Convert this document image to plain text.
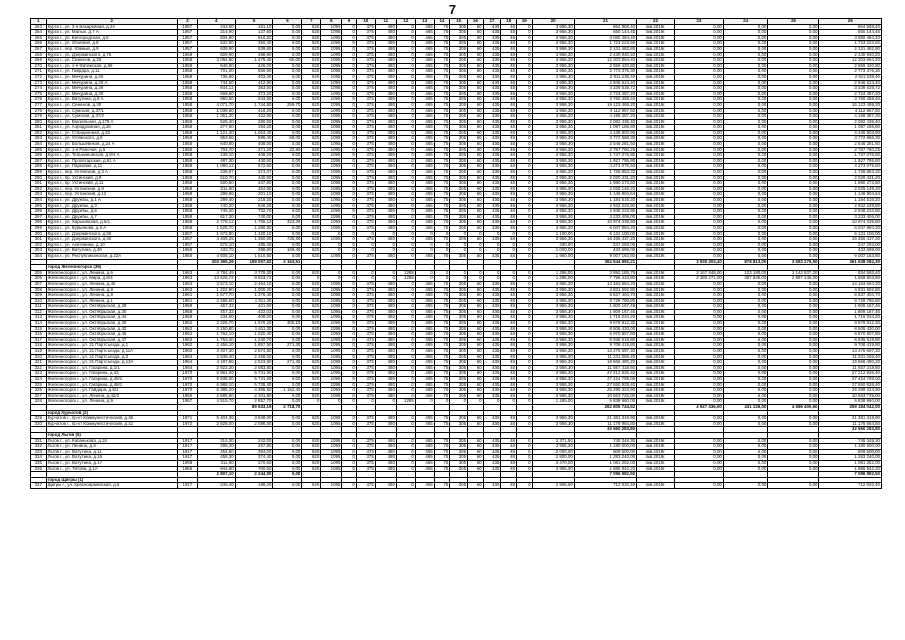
7
1	2	3	4	5	6	7	8	9	10	11	12	13	14	15	16	17	18	19	20	21	22	23	24	25	26
263	Курск г., ул. 3-я Бакарейная, д.24	1957	243,90	161,10	0,00	620	1095	0	375	480	0	465	75	305	60	435	48	0	3 956,30	864 968,40	4кв.2019г.	0,00	0,00	0,00	864 968,40
264	Курск г., ул. Малых, д.7 А	1957	214,90	137,60	0,00	620	1095	0	375	480	0	465	75	305	60	435	48	0	3 956,30	650 144,45	4кв.2019г.	0,00	0,00	0,00	650 144,45
265	Курск г., ул. Белгородская, д.8	1957	834,80	610,20	0,00	620	1095	0	375	480	0	465	75	305	60	435	48	0	3 956,30	3 080 484,40	4кв.2019г.	0,00	0,00	0,00	3 080 484,40
266	Курск г., ул. Обойная, д.8	1957	532,80	350,40	0,00	620	1095	0	375	480	0	465	75	305	60	435	48	0	3 956,30	1 723 223,60	4кв.2019г.	0,00	0,00	0,00	1 723 223,60
267	Курск г., пер. Южный, д.9	1957	639,90	539,60	0,00	620	1095	0	375	480	0	465	75	305	60	435	48	0	3 956,30	2 131 482,80	4кв.2019г.	0,00	0,00	0,00	2 131 482,80
268	Курск г., ул. Дзержинского, д.75	1958	609,90	488,90	0,00	620	1095	0	375	480	0	465	75	305	60	435	48	0	3 956,30	2 430 940,20	4кв.2019г.	0,00	0,00	0,00	2 430 940,20
269	Курск г., ул. Семенов, д.26	1958	3 084,80	1 475,40	60,00	620	1095	0	375	480	0	465	75	305	60	435	48	0	3 956,30	12 203 864,40	4кв.2019г.	0,00	0,00	0,00	12 203 864,40
270	Курск г., ул. 1-я Фатежская, д.96	1958	646,90	426,00	0,00	620	1095	0	375	480	0	465	75	305	60	435	48	0	3 956,30	2 559 420,80	4кв.2019г.	0,00	0,00	0,00	2 559 420,80
271	Курск г., ул. Гайдара, д.11	1958	701,00	566,90	0,00	620	1095	0	375	480	0	465	75	305	60	435	48	0	3 956,30	2 773 376,30	4кв.2019г.	0,00	0,00	0,00	2 773 376,30
272	Курск г., ул. Мичурина, д.20	1958	735,80	403,30	0,00	620	1095	0	375	480	0	465	75	305	60	435	48	0	3 956,30	2 911 238,40	4кв.2019г.	0,00	0,00	0,00	2 911 238,40
273	Курск г., ул. Мичурина, д.20 А	1958	744,80	412,90	0,00	620	1095	0	375	480	0	465	75	305	60	435	48	0	3 956,30	2 946 624,40	4кв.2019г.	0,00	0,00	0,00	2 946 624,40
274	Курск г., ул. Мичурина, д.26	1958	844,12	383,50	0,00	620	1095	0	375	480	0	465	75	305	60	435	48	0	3 956,30	3 339 538,72	4кв.2019г.	0,00	0,00	0,00	3 339 538,72
275	Курск г., ул. Мичурина, д.30	1958	668,80	373,20	0,00	620	1095	0	375	480	0	465	75	305	60	435	48	0	3 956,30	2 724 487,20	4кв.2019г.	0,00	0,00	0,00	2 724 487,20
276	Курск г., ул. Ватутина, д.8 А	1958	950,60	543,90	0,00	620	1095	0	375	480	0	465	75	305	60	435	48	0	3 956,30	3 760 458,40	4кв.2019г.	0,00	0,00	0,00	3 760 458,40
277	Курск г., ул. Семенов, д.30	1958	4 071,70	1 744,50	259,70	620	1095	0	375	480	0	465	75	305	60	435	48	0	3 956,30	16 123 469,20	4кв.2019г.	0,00	0,00	0,00	16 123 469,20
278	Курск г., ул. Сумская, д.37/1	1958	1 039,60	416,20	0,00	620	1095	0	375	480	0	465	75	305	60	435	48	0	3 956,30	4 112 957,60	4кв.2019г.	0,00	0,00	0,00	4 112 957,60
279	Курск г., ул. Сумская, д.37/2	1958	1 061,20	422,90	0,00	620	1095	0	375	480	0	465	75	305	60	435	48	0	3 956,30	4 198 387,20	4кв.2019г.	0,00	0,00	0,00	4 198 387,20
280	Курск г., ул. Вокзальная, д.179 А	1958	526,40	280,60	0,00	620	1095	0	375	480	0	465	75	305	60	435	48	0	3 956,30	2 082 436,40	4кв.2019г.	0,00	0,00	0,00	2 082 436,40
281	Курск г., ул. Аэродромная, д.28	1958	277,60	194,20	0,00	620	1095	0	375	480	0	465	75	305	60	435	48	0	3 956,30	1 097 186,80	4кв.2019г.	0,00	0,00	0,00	1 097 186,80
282	Курск г., ул. Станционная, д.32	1958	1 121,30	1 063,40	0,00	620	1095	0	375	480	0	465	75	305	60	435	48	0	3 956,30	4 435 903,90	4кв.2019г.	0,00	0,00	0,00	4 435 903,90
283	Курск г., ул. Углянского, д.9	1958	953,60	586,40	58,00	620	1095	0	375	480	0	465	75	305	60	435	48	0	3 956,30	3 772 568,30	4кв.2019г.	0,00	0,00	0,00	3 772 568,30
284	Курск г., ул. Большевиков, д.24 А	1956	640,80	408,00	0,00	620	1095	0	375	480	0	465	75	305	60	435	48	0	3 956,30	2 546 281,60	4кв.2019г.	0,00	0,00	0,00	2 546 281,60
285	Курск г., ул. 1-я Рабочая, д.5	1956	704,70	271,20	22,80	620	1095	0	375	480	0	465	75	305	60	435	48	0	3 956,30	2 787 760,25	4кв.2019г.	0,00	0,00	0,00	2 787 760,25
286	Курск г., ул. Тельмановская, д.8/4 А	1958	439,10	409,20	0,00	620	1095	0	375	480	0	465	75	305	60	435	48	0	3 956,30	1 737 076,80	4кв.2019г.	0,00	0,00	0,00	1 737 076,80
287	Курск г., ул. Пролетарская, д.61 А	1958	487,30	430,50	0,00	620	1095	0	375	480	0	465	75	305	60	435	48	0	3 956,30	1 927 795,80	4кв.2019г.	0,00	0,00	0,00	1 927 795,80
288	Курск г., ул. Парковая, д.11	1958	1 080,12	572,60	0,00	620	1095	0	375	480	0	465	75	305	60	435	48	0	3 956,30	4 273 075,60	4кв.2019г.	0,00	0,00	0,00	4 273 075,60
289	Курск г., пер. Ухтинский, д.3 А	1958	436,97	373,37	0,00	620	1095	0	375	480	0	465	75	305	60	435	48	0	3 956,30	1 728 853,32	4кв.2019г.	0,00	0,00	0,00	1 728 853,32
290	Курск г., пр. Ухтинский, д.9	1958	510,70	440,90	0,00	620	1095	0	375	480	0	465	75	305	60	435	48	0	3 956,30	2 020 431,20	4кв.2019г.	0,00	0,00	0,00	2 020 431,20
291	Курск г., пр. Ухтинский, д.11	1958	500,80	447,80	0,00	620	1095	0	375	480	0	465	75	305	60	435	48	0	3 956,30	1 980 273,60	4кв.2019г.	0,00	0,00	0,00	1 980 273,60
292	Курск г., пер. Ухтинский, д.9	1958	511,90	454,90	0,00	620	1095	0	375	480	0	465	75	305	60	435	48	0	3 956,30	2 025 149,20	4кв.2019г.	0,00	0,00	0,00	2 025 149,20
293	Курск г., пер. Ухтинский, д.12	1958	289,90	201,10	0,00	620	1095	0	375	480	0	465	75	305	60	435	48	0	3 956,30	1 146 904,64	4кв.2019г.	0,00	0,00	0,00	1 146 904,64
294	Курск г., ул. Дружбы, д.1 А	1958	299,40	219,20	0,00	620	1095	0	375	480	0	465	75	305	60	435	48	0	3 956,30	1 184 516,20	4кв.2019г.	0,00	0,00	0,00	1 184 516,20
295	Курск г., ул. Дружбы, д.3	1958	740,20	640,30	0,00	620	1095	0	375	480	0	465	75	305	60	435	48	0	3 956,30	2 932 229,80	4кв.2019г.	0,00	0,00	0,00	2 932 229,80
296	Курск г., ул. Дружбы, д.5	1958	745,20	732,70	0,00	620	1095	0	375	480	0	465	75	305	60	435	48	0	3 956,30	2 948 233,80	4кв.2019г.	0,00	0,00	0,00	2 948 233,80
297	Курск г., ул. Дружбы, д.7	1958	817,30	740,00	0,00	620	1095	0	375	480	0	465	75	305	60	435	48	0	3 956,30	3 233 406,00	4кв.2019г.	0,00	0,00	0,00	3 233 406,00
298	Курск г., ул. Харьковская, д.5/1	1958	2 778,12	1 765,13	323,28	620	1095	0	375	480	0	465	75	305	60	435	48	0	3 956,30	10 974 339,80	4кв.2019г.	0,00	0,00	0,00	10 974 339,80
299	Курск г., ул. Курьинова, д.9 А	1958	1 528,70	1 280,50	0,00	620	1095	0	375	480	0	465	75	305	60	435	48	0	3 956,30	6 047 994,20	4кв.2019г.	0,00	0,00	0,00	6 047 994,20
300	Курск г., ул. Дзержинского, д.59	1957	1 673,80	1 420,10	0,00	620	0	0	0	0	0	0	0	0	0	0	0	0	1 100,00	6 131 100,00	4кв.2019г.	0,00	0,00	0,00	6 131 100,00
301	Курск г., ул. Дзержинского, д.40	1957	4 409,25	1 350,00	736,80	620	1095	0	375	480	0	465	75	305	60	435	48	0	3 956,30	16 456 437,20	4кв.2019г.	0,00	0,00	0,00	16 456 437,20
302	Курск г., ул. Ахитанина, д.10	1957	575,10	485,40	0,00	620	0	0	0	0	0	0	0	0	0	0	0	0	430,00	247 293,00	4кв.2019г.	0,00	0,00	0,00	247 293,00
303	Курск г., ул. Ватутина, д.30	1956	433,70	298,60	169,40	620	0	0	0	0	0	0	0	0	0	0	0	0	1 000,00	433 699,00	4кв.2019г.	0,00	0,00	0,00	433 699,00
304	Курск г., ул. Республиканская, д.22А	1956	4 608,10	1 516,60	0,00	620	1095	0	375	480	0	465	75	305	60	435	48	0	1 960,00	9 007 163,80	4кв.2019г.	0,00	0,00	0,00	9 007 163,80
			303 395,26	199 097,82	2 163,51															362 544 892,21		3 930 403,40	878 813,00	3 593 279,50	361 638 082,30
	город Железногорск (36)																								
305	Железногорск г., ул. Ленина, д.6	1963	4 784,49	3 778,30	0,00	620	0	0	0	0	1288	0	0	0	0	0	0	0	1 296,00	3 892 185,79	4кв.2019г.	3 167 846,00	123 180,00	1 142 837,20	834 593,40
306	Железногорск г., ул. Мира, д.8/3	1963	13 526,72	9 923,72	0,00	0	0	0	0	0	1288	0	0	0	0	0	0	0	1 296,00	7 796 410,80	4кв.2019г.	2 380 271,00	307 846,00	2 887 145,00	1 669 803,80
307	Железногорск г., ул. Ленина, д.40	1963	3 573,10	2 464,10	0,00	620	1095	0	375	480	0	465	75	305	60	435	48	0	3 956,30	14 163 664,20	4кв.2019г.	0,00	0,00	0,00	14 163 664,20
308	Железногорск г., ул. Ленина, д.8	1963	1 222,90	1 000,20	0,00	620	1095	0	375	480	0	465	75	305	60	435	48	0	3 956,30	4 831 592,80	4кв.2019г.	0,00	0,00	0,00	4 831 592,80
309	Железногорск г., ул. Ленина, д.9	1961	1 677,70	1 376,40	0,00	620	1095	0	375	480	0	465	75	305	60	435	48	0	3 956,30	6 637 404,70	4кв.2019г.	0,00	0,00	0,00	6 637 404,70
310	Железногорск г., ул. Ленина, д.1	1961	2 456,60	1 911,30	0,00	620	1095	0	375	480	0	465	75	305	60	435	48	0	3 956,30	9 729 790,80	4кв.2019г.	0,00	0,00	0,00	9 729 790,80
311	Железногорск г., ул. Октябрьская, д.28	1958	457,33	421,60	0,00	620	1095	0	375	480	0	465	75	305	60	435	48	0	3 956,30	1 809 167,46	4кв.2019г.	0,00	0,00	0,00	1 809 167,46
312	Железногорск г., ул. Октябрьская, д.30	1958	457,33	422,03	0,00	620	1095	0	375	480	0	465	75	305	60	435	48	0	3 956,30	1 809 167,46	4кв.2019г.	0,00	0,00	0,00	1 809 167,46
313	Железногорск г., ул. Октябрьская, д.44	1958	434,00	408,00	0,00	620	1095	0	375	480	0	465	75	305	60	435	48	0	3 956,30	1 716 034,20	4кв.2019г.	0,00	0,00	0,00	1 716 034,20
314	Железногорск г., ул. Октябрьская, д.40	1962	2 325,70	1 570,20	305,10	620	1095	0	375	480	0	465	75	305	60	435	48	0	3 956,30	9 579 812,30	4кв.2019г.	0,00	0,00	0,00	9 579 812,30
315	Железногорск г., ул. Октябрьская, д.42	1962	2 150,80	1 611,30	0,00	620	1095	0	375	480	0	465	75	305	60	435	48	0	3 956,30	8 506 430,00	4кв.2019г.	0,00	0,00	0,00	8 506 430,00
316	Железногорск г., ул. Октябрьская, д.46	1962	1 762,10	1 020,40	0,00	620	1095	0	375	480	0	465	75	305	60	435	48	0	3 956,30	6 970 807,80	4кв.2019г.	0,00	0,00	0,00	6 970 807,80
317	Железногорск г., ул. Октябрьская, д.47	1962	1 753,30	1 240,70	0,00	620	1095	0	375	480	0	465	75	305	60	435	48	0	3 956,30	6 936 619,80	4кв.2019г.	0,00	0,00	0,00	6 936 619,80
318	Железногорск г., ул. 21 Партсъезда, д.1	1962	2 456,10	1 957,50	271,30	620	1095	0	375	480	0	465	75	305	60	435	48	0	3 956,30	9 708 419,80	4кв.2019г.	0,00	0,00	0,00	9 708 419,80
319	Железногорск г., ул. 21 Партсъезда, д.11А	1963	3 407,30	2 574,50	0,00	620	1095	0	375	480	0	465	75	305	60	435	48	0	3 956,30	13 476 697,30	4кв.2019г.	0,00	0,00	0,00	13 476 697,30
320	Железногорск г., ул. 21 Партсъезда, д.3	1963	2 838,40	2 458,00	0,00	620	1095	0	375	480	0	465	75	305	60	435	48	0	3 956,30	11 231 066,40	4кв.2019г.	0,00	0,00	0,00	11 231 066,40
321	Железногорск г., ул. 21 Партсъезда, д.13А	1964	4 187,80	2 523,60	271,30	620	1095	0	375	480	0	465	75	305	60	435	48	0	3 956,30	16 566 490,20	4кв.2019г.	0,00	0,00	0,00	16 566 490,20
322	Железногорск г., ул. Гагарина, д.1/1	1964	2 922,20	2 083,80	0,00	620	1095	0	375	480	0	465	75	305	60	435	48	0	3 956,30	11 557 318,60	4кв.2019г.	0,00	0,00	0,00	11 557 318,60
323	Железногорск г., ул. Гагарина, д.43	1970	6 881,00	5 731,00	0,00	620	1095	0	375	480	0	465	75	305	60	435	48	0	3 956,30	27 212 926,40	4кв.2019г.	0,00	0,00	0,00	27 212 926,40
324	Железногорск г., ул. Гагарина, д.46/1	1970	6 938,00	5 731,00	0,00	620	1095	0	375	480	0	465	75	305	60	435	48	0	3 956,30	27 424 799,00	4кв.2019г.	0,00	0,00	0,00	27 424 799,00
325	Железногорск г., ул. Гагарина, д.48/1	1970	6 989,10	5 735,40	0,00	620	1095	0	375	480	0	465	75	305	60	435	48	0	3 956,30	27 650 928,40	4кв.2019г.	0,00	0,00	0,00	27 650 928,40
326	Железногорск г., ул. Гайдара, д.6/1	1970	6 395,20	4 395,50	1 152,40	620	1095	0	375	480	0	465	75	305	60	435	48	0	3 956,30	25 299 324,90	4кв.2019г.	0,00	0,00	0,00	25 299 324,90
327	Железногорск г., ул. Ленина, д.42/2	1966	2 695,60	2 101,80	0,00	620	1095	0	375	480	0	465	75	305	60	435	48	0	3 956,30	10 663 725,00	4кв.2019г.	0,00	0,00	0,00	10 663 725,00
328	Железногорск г., ул. Ленина, д.9	1967	4 515,70	2 857,70	0,00	0	0	0	0	0	1285	0	0	0	0	0	0	0	1 285,00	5 838 960,00	4кв.2019г.	0,00	0,00	0,00	5 838 960,00
				89 533,19	2 718,70															262 805 744,52		4 927 436,00	431 126,00	4 686 400,60	259 184 042,00
	город Курчатов (2)																								
329	Курчатов г., пр-кт Коммунистический, д.36	1971	5 404,30	3 638,00	0,00	620	1095	0	375	480	0	465	75	305	60	435	48	0	3 956,30	21 381 318,90	4кв.2019г.	0,00	0,00	0,00	21 381 318,90
330	Курчатов г., пр-кт Коммунистический, д.42	1972	2 828,00	2 096,00	0,00	620	1095	0	375	480	0	465	75	305	60	435	48	0	3 956,30	11 178 964,80	4кв.2019г.	0,00	0,00	0,00	11 178 964,80
																				32 560 283,80					32 560 283,80
	город Льгов (6)																								
331	Льгов г., ул. Кабанькова, д.18	1917	314,30	242,00	0,00	620	1095	0	375	480	0	465	75	305	60	435	48	0	2 371,50	745 348,30	4кв.2019г.	0,00	0,00	0,00	745 348,30
332	Льгов г., ул. Ленина, д.6	1917	298,30	257,80	0,00	620	1095	0	375	480	0	465	75	305	60	435	48	0	3 956,30	1 180 600,00	4кв.2019г.	0,00	0,00	0,00	1 180 600,00
333	Льгов г., ул. Ватутина, д.11	1917	454,80	394,00	0,00	620	1095	0	375	480	0	465	75	305	60	435	48	0	2 000,00	909 600,00	4кв.2019г.	0,00	0,00	0,00	909 600,00
334	Льгов г., ул. Ватутина, д.16	1917	458,30	374,40	0,00	620	1095	0	375	480	0	465	75	305	60	435	48	0	2 800,00	1 283 240,00	4кв.2019г.	0,00	0,00	0,00	1 283 240,00
335	Льгов г., ул. Ватутина, д.17	1958	311,60	270,60	0,00	620	1095	0	375	480	0	465	75	305	60	435	48	0	3 470,00	1 081 252,00	4кв.2019г.	0,00	0,00	0,00	1 081 252,00
336	Льгов г., ул. Титова, д.1А	1966	944,80	700,50	0,00	620	1095	0	375	480	0	465	75	305	60	435	48	0	3 956,30	1 886 942,20	4кв.2019г.	0,00	0,00	0,00	1 886 942,20
			2 807,10	2 244,00	0,00															7 086 982,50					7 086 982,50
	город Щигры (1)																								
337	Щигры г., ул. Красноармейская, д.5	1917	245,40	188,20	0,00	620	1095	0	375	480	0	465	75	305	60	435	48	0	2 906,00	712 932,40	4кв.2019г.	0,00	0,00	0,00	712 932,40
